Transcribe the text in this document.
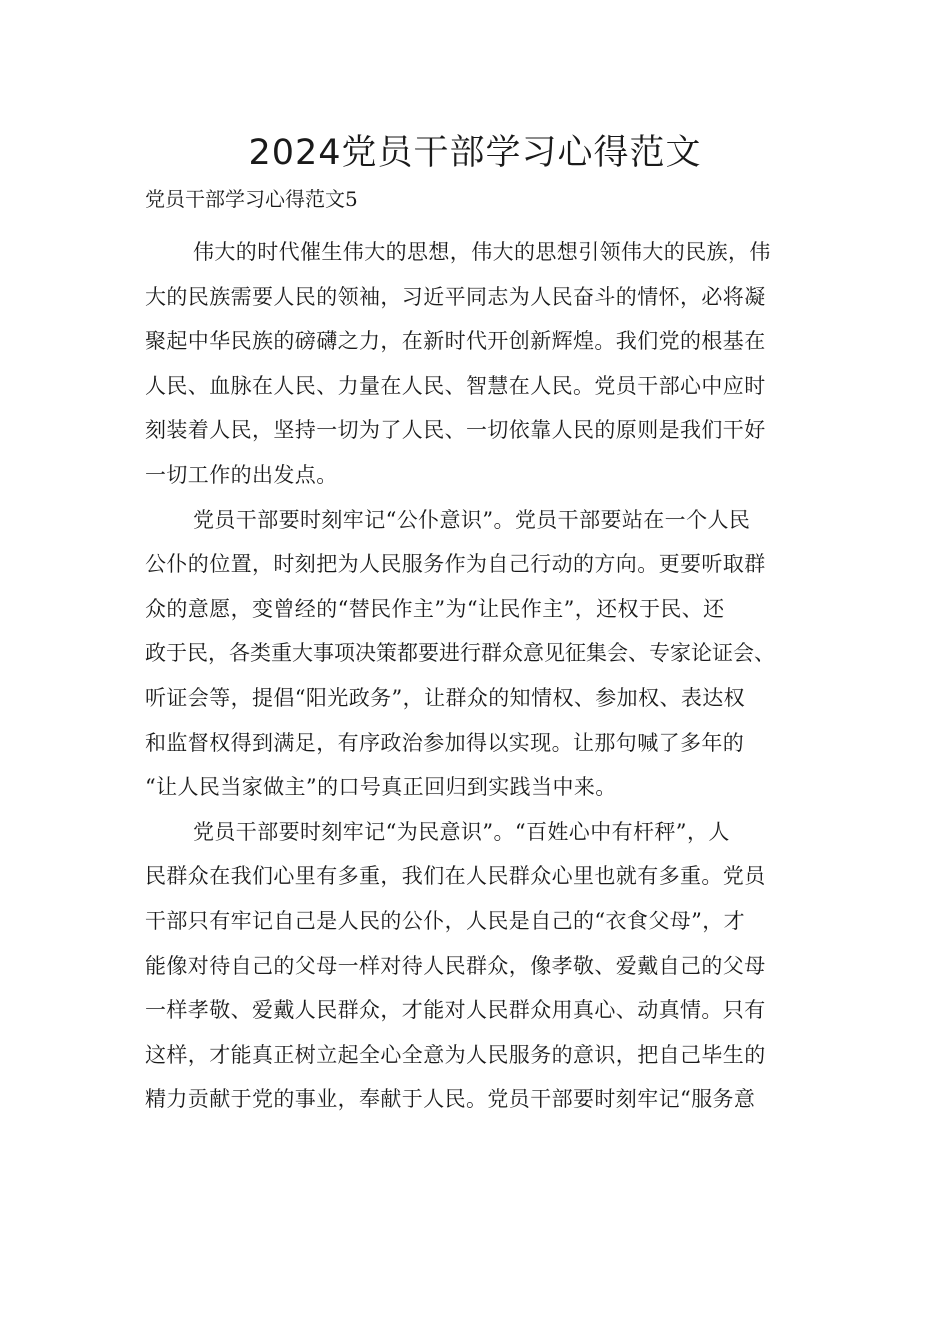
2024党员干部学习心得范文

党员干部学习心得范文5

伟大的时代催生伟大的思想，伟大的思想引领伟大的民族，伟
大的民族需要人民的领袖，习近平同志为人民奋斗的情怀，必将凝
聚起中华民族的磅礴之力，在新时代开创新辉煌。我们党的根基在
人民、血脉在人民、力量在人民、智慧在人民。党员干部心中应时
刻装着人民，坚持一切为了人民、一切依靠人民的原则是我们干好
一切工作的出发点。
党员干部要时刻牢记“公仆意识”。党员干部要站在一个人民
公仆的位置，时刻把为人民服务作为自己行动的方向。更要听取群
众的意愿，变曾经的“替民作主”为“让民作主”，还权于民、还
政于民，各类重大事项决策都要进行群众意见征集会、专家论证会、
听证会等，提倡“阳光政务”，让群众的知情权、参加权、表达权
和监督权得到满足，有序政治参加得以实现。让那句喊了多年的
“让人民当家做主”的口号真正回归到实践当中来。
党员干部要时刻牢记“为民意识”。“百姓心中有杆秤”，人
民群众在我们心里有多重，我们在人民群众心里也就有多重。党员
干部只有牢记自己是人民的公仆，人民是自己的“衣食父母”，才
能像对待自己的父母一样对待人民群众，像孝敬、爱戴自己的父母
一样孝敬、爱戴人民群众，才能对人民群众用真心、动真情。只有
这样，才能真正树立起全心全意为人民服务的意识，把自己毕生的
精力贡献于党的事业，奉献于人民。党员干部要时刻牢记“服务意
